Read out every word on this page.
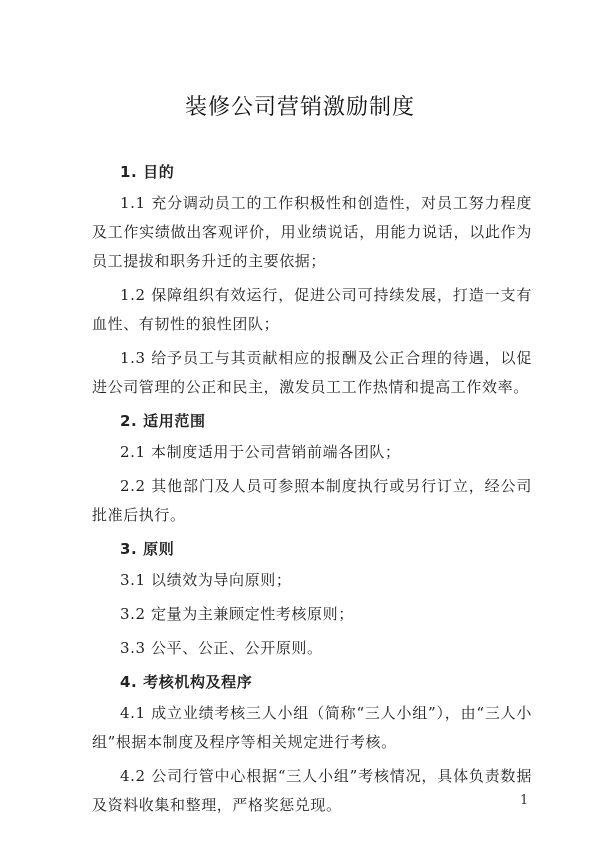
装修公司营销激励制度
1. 目的

1.1 充分调动员工的工作积极性和创造性，对员工努力程度及工作实绩做出客观评价，用业绩说话，用能力说话，以此作为员工提拔和职务升迁的主要依据；

1.2 保障组织有效运行，促进公司可持续发展，打造一支有血性、有韧性的狼性团队；

1.3 给予员工与其贡献相应的报酬及公正合理的待遇，以促进公司管理的公正和民主，激发员工工作热情和提高工作效率。

2. 适用范围

2.1 本制度适用于公司营销前端各团队；

2.2 其他部门及人员可参照本制度执行或另行订立，经公司批准后执行。

3. 原则

3.1 以绩效为导向原则；

3.2 定量为主兼顾定性考核原则；

3.3 公平、公正、公开原则。

4. 考核机构及程序

4.1 成立业绩考核三人小组（简称“三人小组”），由“三人小组”根据本制度及程序等相关规定进行考核。

4.2 公司行管中心根据“三人小组”考核情况，具体负责数据及资料收集和整理，严格奖惩兑现。	1
